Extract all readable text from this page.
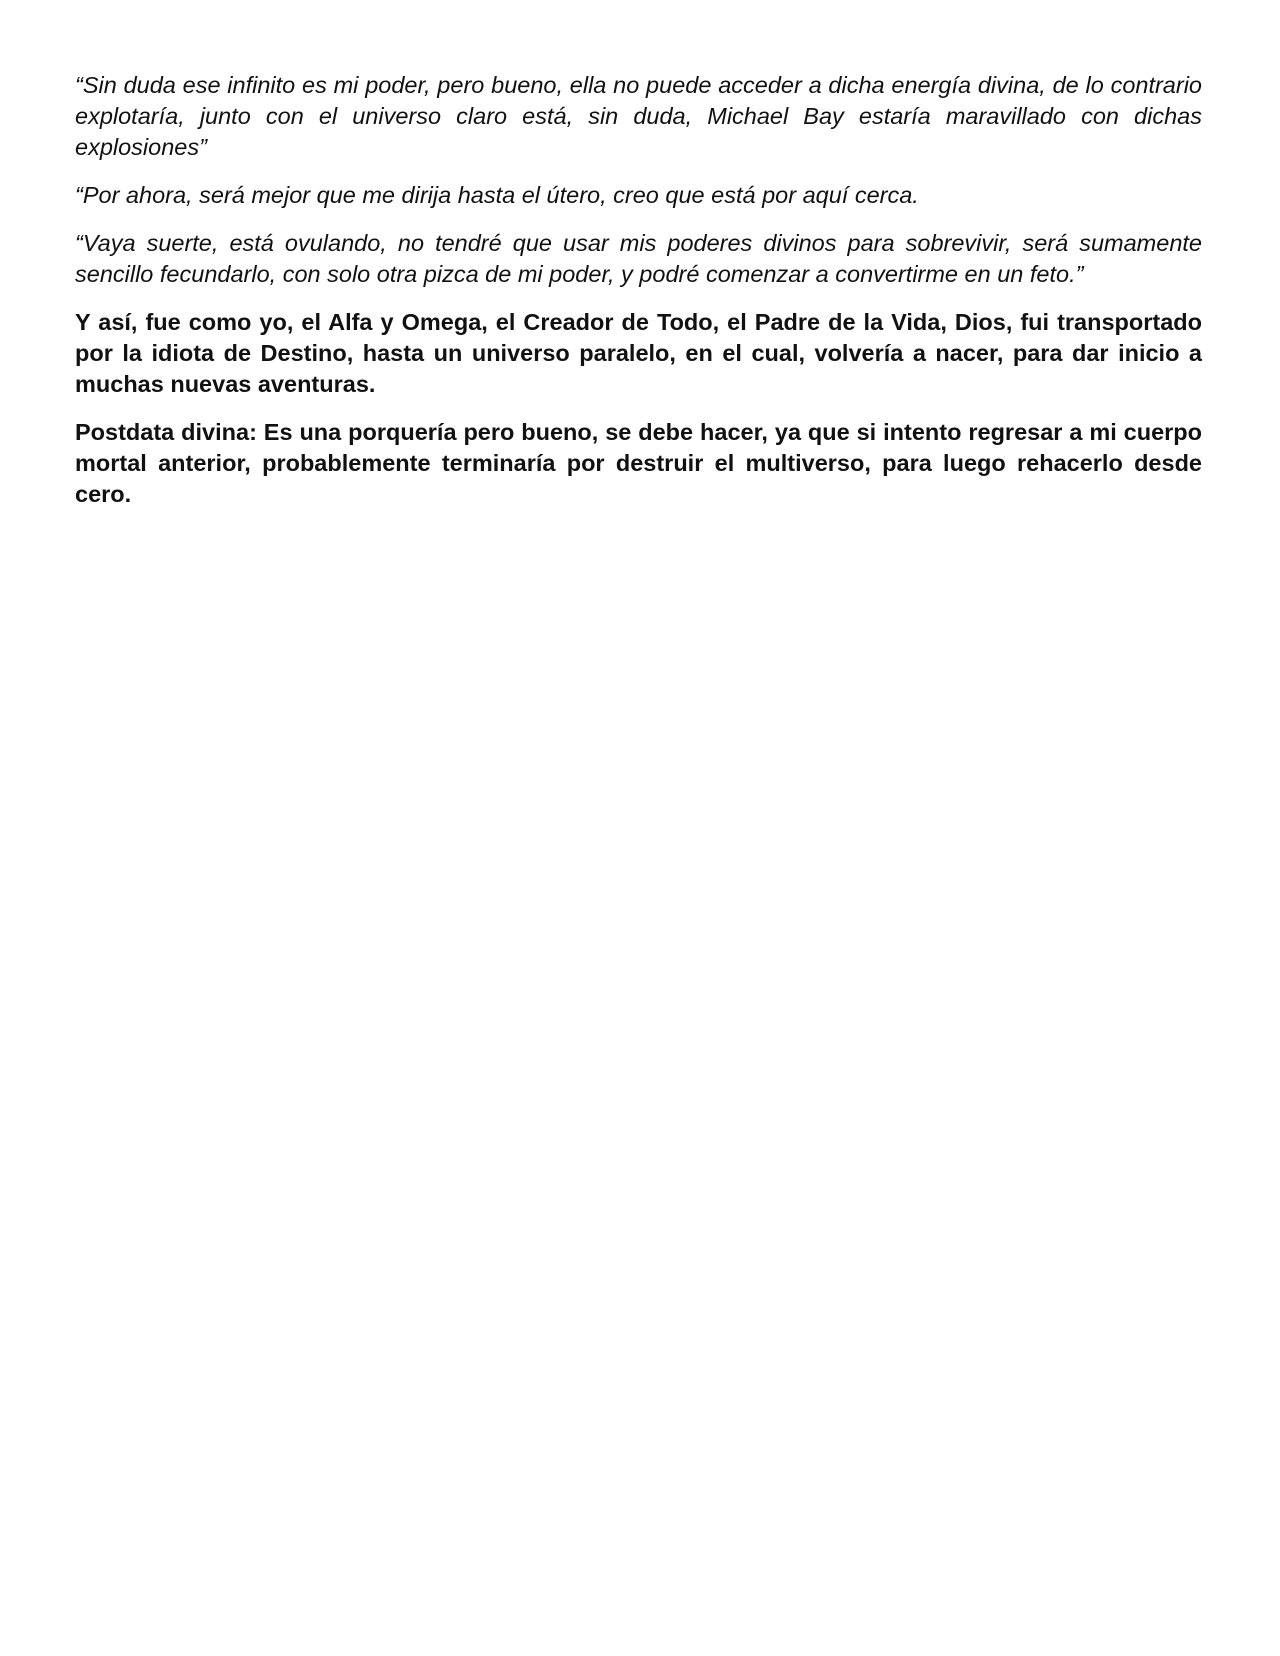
“Sin duda ese infinito es mi poder, pero bueno, ella no puede acceder a dicha energía divina, de lo contrario explotaría, junto con el universo claro está, sin duda, Michael Bay estaría maravillado con dichas explosiones”

“Por ahora, será mejor que me dirija hasta el útero, creo que está por aquí cerca.

“Vaya suerte, está ovulando, no tendré que usar mis poderes divinos para sobrevivir, será sumamente sencillo fecundarlo, con solo otra pizca de mi poder, y podré comenzar a convertirme en un feto.”

Y así, fue como yo, el Alfa y Omega, el Creador de Todo, el Padre de la Vida, Dios, fui transportado por la idiota de Destino, hasta un universo paralelo, en el cual, volvería a nacer, para dar inicio a muchas nuevas aventuras.

Postdata divina: Es una porquería pero bueno, se debe hacer, ya que si intento regresar a mi cuerpo mortal anterior, probablemente terminaría por destruir el multiverso, para luego rehacerlo desde cero.
